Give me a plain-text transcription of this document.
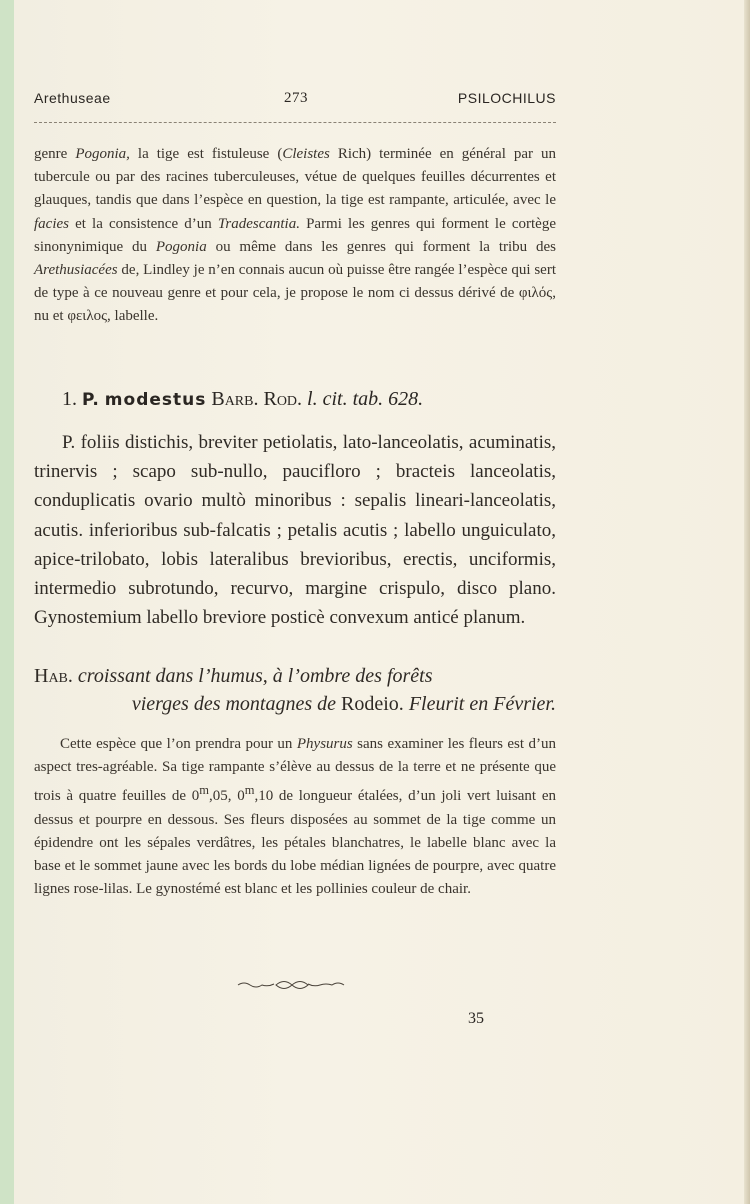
Arethuseae	273	PSILOCHILUS

genre Pogonia, la tige est fistuleuse (Cleistes Rich) terminée en général par un tubercule ou par des racines tuberculeuses, vétue de quelques feuilles décurrentes et glauques, tandis que dans l’espèce en question, la tige est rampante, articulée, avec le facies et la consistence d’un Tradescantia. Parmi les genres qui forment le cortège sinonynimique du Pogonia ou même dans les genres qui forment la tribu des Arethusiacées de, Lindley je n’en connais aucun où puisse être rangée l’espèce qui sert de type à ce nouveau genre et pour cela, je propose le nom ci dessus dérivé de φιλός, nu et φειλος, labelle.

1. P. modestus Barb. Rod. l. cit. tab. 628.

P. foliis distichis, breviter petiolatis, lato-lanceolatis, acuminatis, trinervis ; scapo sub-nullo, paucifloro ; bracteis lanceolatis, conduplicatis ovario multò minoribus : sepalis lineari-lanceolatis, acutis. inferioribus sub-falcatis ; petalis acutis ; labello unguiculato, apice-trilobato, lobis lateralibus brevioribus, erectis, unciformis, intermedio subrotundo, recurvo, margine crispulo, disco plano. Gynostemium labello breviore posticè convexum anticé planum.

Hab. croissant dans l’humus, à l’ombre des forêts
vierges des montagnes de Rodeio. Fleurit en Février.

Cette espèce que l’on prendra pour un Physurus sans examiner les fleurs est d’un aspect tres-agréable. Sa tige rampante s’élève au dessus de la terre et ne présente que trois à quatre feuilles de 0$^m$,05, 0$^m$,10 de longueur étalées, d’un joli vert luisant en dessus et pourpre en dessous. Ses fleurs disposées au sommet de la tige comme un épidendre ont les sépales verdâtres, les pétales blanchatres, le labelle blanc avec la base et le sommet jaune avec les bords du lobe médian lignées de pourpre, avec quatre lignes rose-lilas. Le gynostémé est blanc et les pollinies couleur de chair.

35
